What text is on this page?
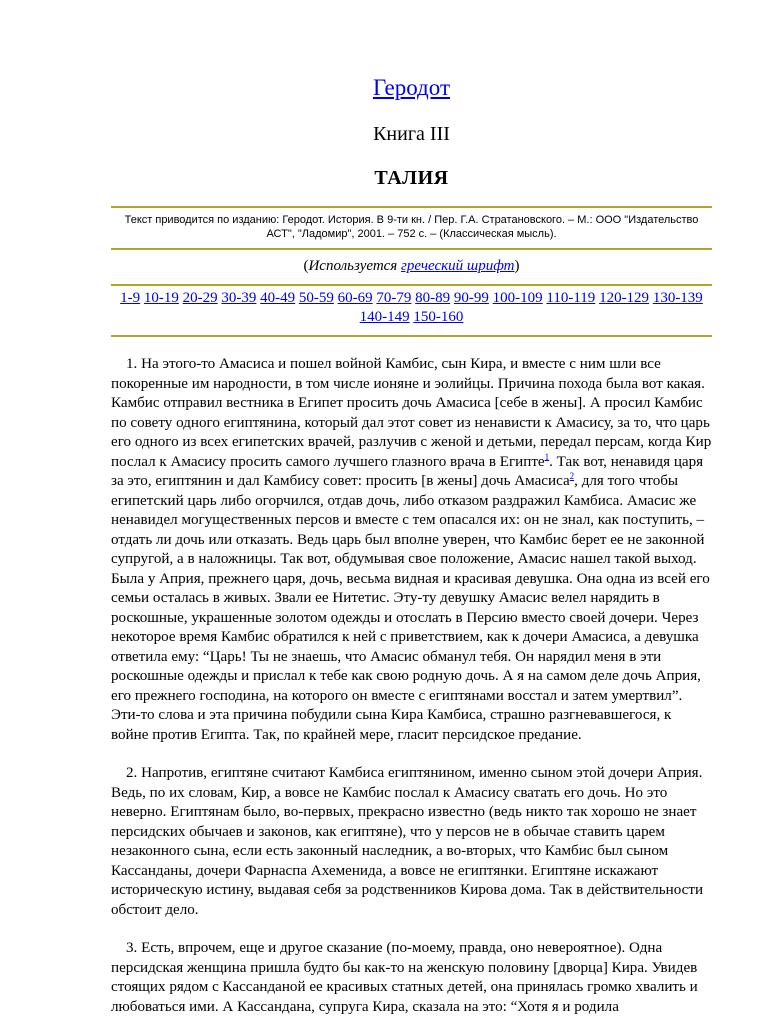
Геродот
Книга III
ТАЛИЯ
Текст приводится по изданию: Геродот. История. В 9-ти кн. / Пер. Г.А. Стратановского. – М.: ООО "Издательство АСТ", "Ладомир", 2001. – 752 с. – (Классическая мысль).
(Используется греческий шрифт)
1-9 10-19 20-29 30-39 40-49 50-59 60-69 70-79 80-89 90-99 100-109 110-119 120-129 130-139 140-149 150-160

1. На этого-то Амасиса и пошел войной Камбис, сын Кира, и вместе с ним шли все покоренные им народности, в том числе ионяне и эолийцы. Причина похода была вот какая. Камбис отправил вестника в Египет просить дочь Амасиса [себе в жены]. А просил Камбис по совету одного египтянина, который дал этот совет из ненависти к Амасису, за то, что царь его одного из всех египетских врачей, разлучив с женой и детьми, передал персам, когда Кир послал к Амасису просить самого лучшего глазного врача в Египте$^1$. Так вот, ненавидя царя за это, египтянин и дал Камбису совет: просить [в жены] дочь Амасиса$^2$, для того чтобы египетский царь либо огорчился, отдав дочь, либо отказом раздражил Камбиса. Амасис же ненавидел могущественных персов и вместе с тем опасался их: он не знал, как поступить, – отдать ли дочь или отказать. Ведь царь был вполне уверен, что Камбис берет ее не законной супругой, а в наложницы. Так вот, обдумывая свое положение, Амасис нашел такой выход. Была у Априя, прежнего царя, дочь, весьма видная и красивая девушка. Она одна из всей его семьи осталась в живых. Звали ее Нитетис. Эту-ту девушку Амасис велел нарядить в роскошные, украшенные золотом одежды и отослать в Персию вместо своей дочери. Через некоторое время Камбис обратился к ней с приветствием, как к дочери Амасиса, а девушка ответила ему: “Царь! Ты не знаешь, что Амасис обманул тебя. Он нарядил меня в эти роскошные одежды и прислал к тебе как свою родную дочь. А я на самом деле дочь Априя, его прежнего господина, на которого он вместе с египтянами восстал и затем умертвил”. Эти-то слова и эта причина побудили сына Кира Камбиса, страшно разгневавшегося, к войне против Египта. Так, по крайней мере, гласит персидское предание.

2. Напротив, египтяне считают Камбиса египтянином, именно сыном этой дочери Априя. Ведь, по их словам, Кир, а вовсе не Камбис послал к Амасису сватать его дочь. Но это неверно. Египтянам было, во-первых, прекрасно известно (ведь никто так хорошо не знает персидских обычаев и законов, как египтяне), что у персов не в обычае ставить царем незаконного сына, если есть законный наследник, а во-вторых, что Камбис был сыном Кассанданы, дочери Фарнаспа Ахеменида, а вовсе не египтянки. Египтяне искажают историческую истину, выдавая себя за родственников Кирова дома. Так в действительности обстоит дело.

3. Есть, впрочем, еще и другое сказание (по-моему, правда, оно невероятное). Одна персидская женщина пришла будто бы как-то на женскую половину [дворца] Кира. Увидев стоящих рядом с Кассанданой ее красивых статных детей, она принялась громко хвалить и любоваться ими. А Кассандана, супруга Кира, сказала на это: “Хотя я и родила
